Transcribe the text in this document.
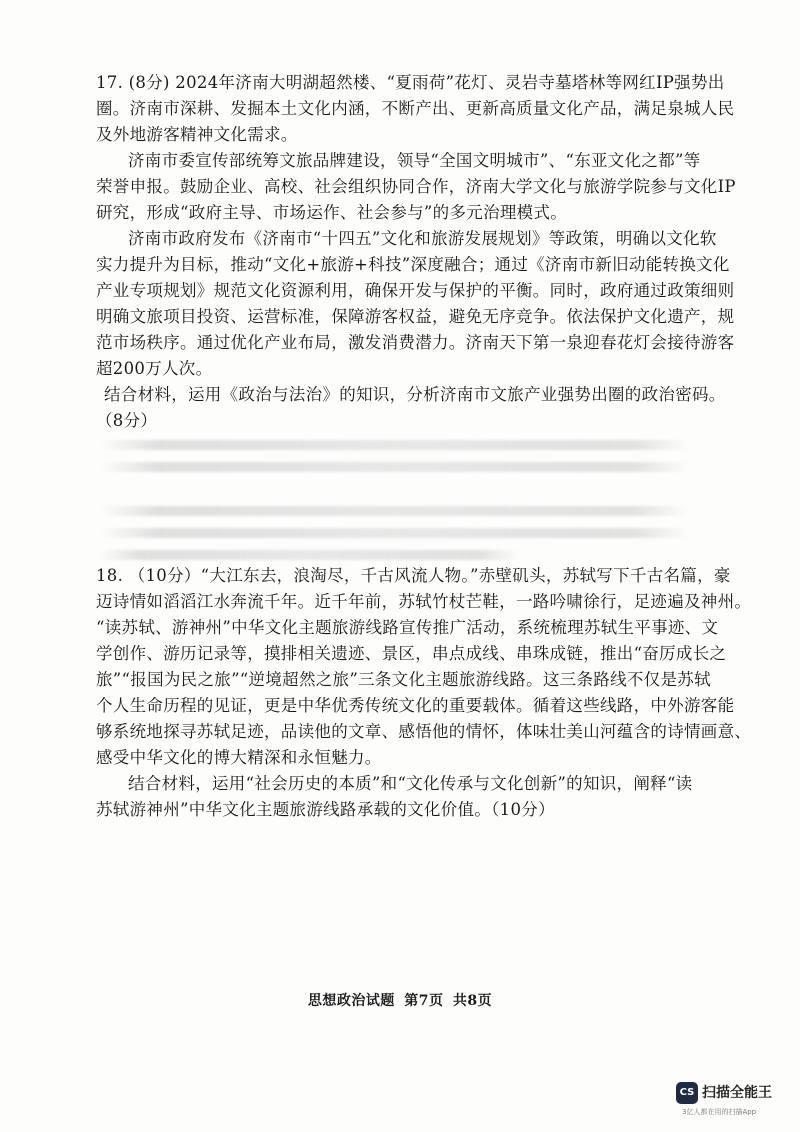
17. (8分) 2024年济南大明湖超然楼、“夏雨荷”花灯、灵岩寺墓塔林等网红IP强势出
圈。济南市深耕、发掘本土文化内涵，不断产出、更新高质量文化产品，满足泉城人民
及外地游客精神文化需求。
济南市委宣传部统筹文旅品牌建设，领导“全国文明城市”、“东亚文化之都”等
荣誉申报。鼓励企业、高校、社会组织协同合作，济南大学文化与旅游学院参与文化IP
研究，形成“政府主导、市场运作、社会参与”的多元治理模式。
济南市政府发布《济南市“十四五”文化和旅游发展规划》等政策，明确以文化软
实力提升为目标，推动“文化+旅游+科技”深度融合；通过《济南市新旧动能转换文化
产业专项规划》规范文化资源利用，确保开发与保护的平衡。同时，政府通过政策细则
明确文旅项目投资、运营标准，保障游客权益，避免无序竞争。依法保护文化遗产，规
范市场秩序。通过优化产业布局，激发消费潜力。济南天下第一泉迎春花灯会接待游客
超200万人次。
结合材料，运用《政治与法治》的知识，分析济南市文旅产业强势出圈的政治密码。
（8分）
18. （10分）“大江东去，浪淘尽，千古风流人物。”赤壁矶头，苏轼写下千古名篇，豪
迈诗情如滔滔江水奔流千年。近千年前，苏轼竹杖芒鞋，一路吟啸徐行，足迹遍及神州。
“读苏轼、游神州”中华文化主题旅游线路宣传推广活动，系统梳理苏轼生平事迹、文
学创作、游历记录等，摸排相关遗迹、景区，串点成线、串珠成链，推出“奋厉成长之
旅”“报国为民之旅”“逆境超然之旅”三条文化主题旅游线路。这三条路线不仅是苏轼
个人生命历程的见证，更是中华优秀传统文化的重要载体。循着这些线路，中外游客能
够系统地探寻苏轼足迹，品读他的文章、感悟他的情怀，体味壮美山河蕴含的诗情画意、
感受中华文化的博大精深和永恒魅力。
结合材料，运用“社会历史的本质”和“文化传承与文化创新”的知识，阐释“读
苏轼游神州”中华文化主题旅游线路承载的文化价值。（10分）
思想政治试题 第7页 共8页
CS 扫描全能王
3亿人都在用的扫描App
